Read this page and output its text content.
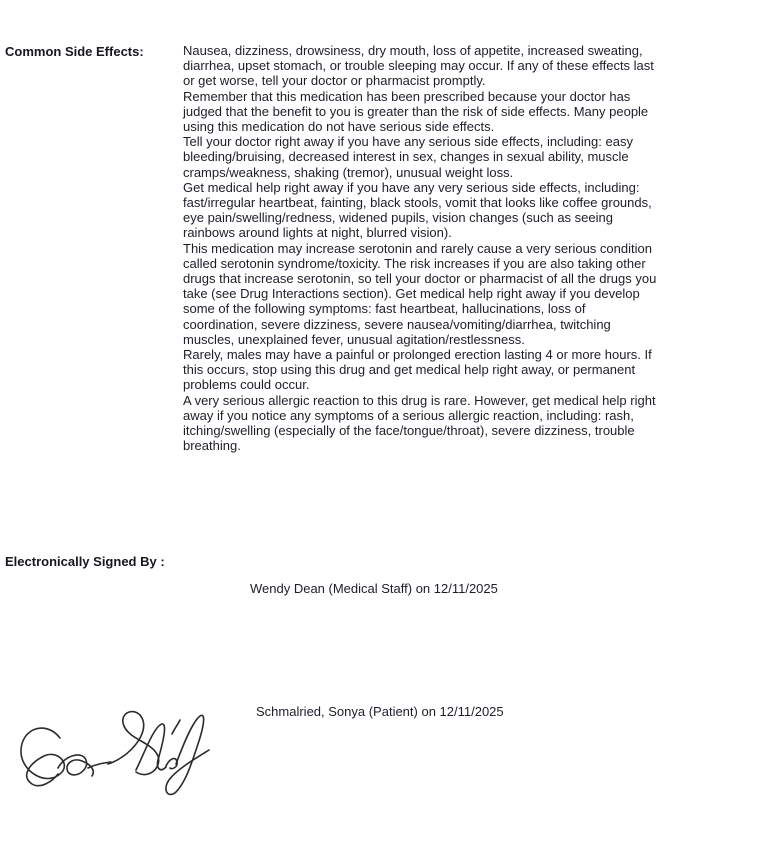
Common Side Effects:	Nausea, dizziness, drowsiness, dry mouth, loss of appetite, increased sweating, diarrhea, upset stomach, or trouble sleeping may occur. If any of these effects last or get worse, tell your doctor or pharmacist promptly.
Remember that this medication has been prescribed because your doctor has judged that the benefit to you is greater than the risk of side effects. Many people using this medication do not have serious side effects.
Tell your doctor right away if you have any serious side effects, including: easy bleeding/bruising, decreased interest in sex, changes in sexual ability, muscle cramps/weakness, shaking (tremor), unusual weight loss.
Get medical help right away if you have any very serious side effects, including: fast/irregular heartbeat, fainting, black stools, vomit that looks like coffee grounds, eye pain/swelling/redness, widened pupils, vision changes (such as seeing rainbows around lights at night, blurred vision).
This medication may increase serotonin and rarely cause a very serious condition called serotonin syndrome/toxicity. The risk increases if you are also taking other drugs that increase serotonin, so tell your doctor or pharmacist of all the drugs you take (see Drug Interactions section). Get medical help right away if you develop some of the following symptoms: fast heartbeat, hallucinations, loss of coordination, severe dizziness, severe nausea/vomiting/diarrhea, twitching muscles, unexplained fever, unusual agitation/restlessness.
Rarely, males may have a painful or prolonged erection lasting 4 or more hours. If this occurs, stop using this drug and get medical help right away, or permanent problems could occur.
A very serious allergic reaction to this drug is rare. However, get medical help right away if you notice any symptoms of a serious allergic reaction, including: rash, itching/swelling (especially of the face/tongue/throat), severe dizziness, trouble breathing.
Electronically Signed By :
Wendy Dean (Medical Staff) on 12/11/2025
Schmalried, Sonya (Patient) on 12/11/2025
